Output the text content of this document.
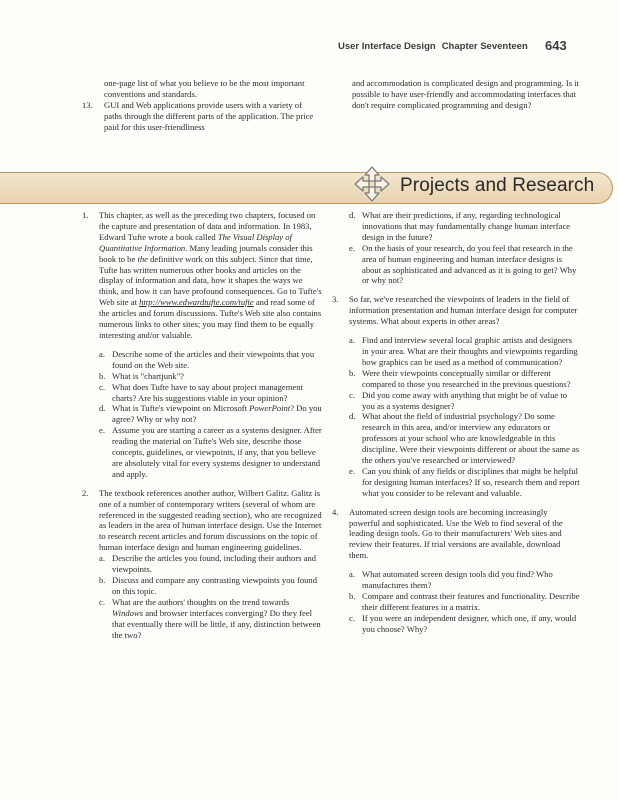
User Interface Design Chapter Seventeen 643

one-page list of what you believe to be the most important conventions and standards.

13. GUI and Web applications provide users with a variety of paths through the different parts of the application. The price paid for this user-friendliness

and accommodation is complicated design and programming. Is it possible to have user-friendly and accommodating interfaces that don't require complicated programming and design?

Projects and Research
1. This chapter, as well as the preceding two chapters, focused on the capture and presentation of data and information. In 1983, Edward Tufte wrote a book called The Visual Display of Quantitative Information. Many leading journals consider this book to be the definitive work on this subject. Since that time, Tufte has written numerous other books and articles on the display of information and data, how it shapes the ways we think, and how it can have profound consequences. Go to Tufte's Web site at http://www.edwardtufte.com/tufte and read some of the articles and forum discussions. Tufte's Web site also contains numerous links to other sites; you may find them to be equally interesting and/or valuable.
a. Describe some of the articles and their viewpoints that you found on the Web site.
b. What is "chartjunk"?
c. What does Tufte have to say about project management charts? Are his suggestions viable in your opinion?
d. What is Tufte's viewpoint on Microsoft PowerPoint? Do you agree? Why or why not?
e. Assume you are starting a career as a systems designer. After reading the material on Tufte's Web site, describe those concepts, guidelines, or viewpoints, if any, that you believe are absolutely vital for every systems designer to understand and apply.
2. The textbook references another author, Wilbert Galitz. Galitz is one of a number of contemporary writers (several of whom are referenced in the suggested reading section), who are recognized as leaders in the area of human interface design. Use the Internet to research recent articles and forum discussions on the topic of human interface design and human engineering guidelines.
a. Describe the articles you found, including their authors and viewpoints.
b. Discuss and compare any contrasting viewpoints you found on this topic.
c. What are the authors' thoughts on the trend towards Windows and browser interfaces converging? Do they feel that eventually there will be little, if any, distinction between the two?
d. What are their predictions, if any, regarding technological innovations that may fundamentally change human interface design in the future?
e. On the basis of your research, do you feel that research in the area of human engineering and human interface designs is about as sophisticated and advanced as it is going to get? Why or why not?
3. So far, we've researched the viewpoints of leaders in the field of information presentation and human interface design for computer systems. What about experts in other areas?
a. Find and interview several local graphic artists and designers in your area. What are their thoughts and viewpoints regarding how graphics can be used as a method of communication?
b. Were their viewpoints conceptually similar or different compared to those you researched in the previous questions?
c. Did you come away with anything that might be of value to you as a systems designer?
d. What about the field of industrial psychology? Do some research in this area, and/or interview any educators or professors at your school who are knowledgeable in this discipline. Were their viewpoints different or about the same as the others you've researched or interviewed?
e. Can you think of any fields or disciplines that might be helpful for designing human interfaces? If so, research them and report what you consider to be relevant and valuable.
4. Automated screen design tools are becoming increasingly powerful and sophisticated. Use the Web to find several of the leading design tools. Go to their manufacturers' Web sites and review their features. If trial versions are available, download them.
a. What automated screen design tools did you find? Who manufactures them?
b. Compare and contrast their features and functionality. Describe their different features in a matrix.
c. If you were an independent designer, which one, if any, would you choose? Why?
